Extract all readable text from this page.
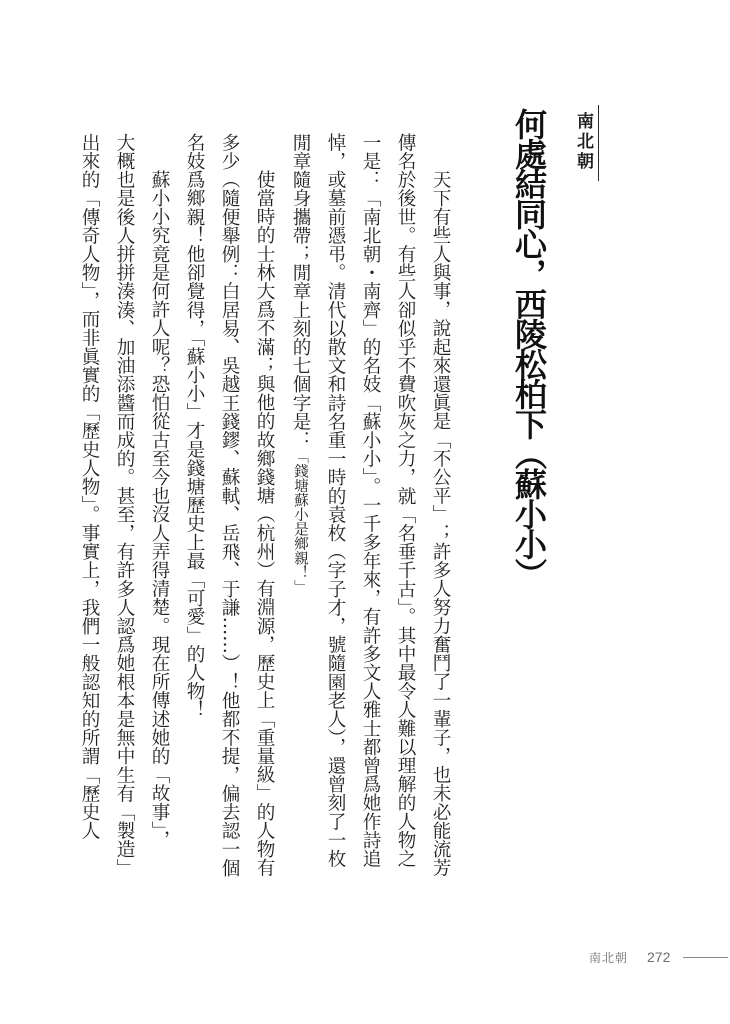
南北朝
何處結同心，西陵松柏下（蘇小小）
天下有些人與事，說起來還眞是「不公平」；許多人努力奮鬥了一輩子，也未必能流芳
傳名於後世。有些人卻似乎不費吹灰之力，就「名垂千古」。其中最令人難以理解的人物之
一是：「南北朝・南齊」的名妓「蘇小小」。一千多年來，有許多文人雅士都曾爲她作詩追
悼，或墓前憑弔。清代以散文和詩名重一時的袁枚（字子才，號隨園老人），還曾刻了一枚
閒章隨身攜帶；閒章上刻的七個字是：「錢塘蘇小是鄉親！」
使當時的士林大爲不滿；與他的故鄉錢塘（杭州）有淵源，歷史上「重量級」的人物有
多少（隨便舉例：白居易、吳越王錢鏐、蘇軾、岳飛、于謙……）！他都不提，偏去認一個
名妓爲鄉親！他卻覺得，「蘇小小」才是錢塘歷史上最「可愛」的人物！
蘇小小究竟是何許人呢？恐怕從古至今也沒人弄得清楚。現在所傳述她的「故事」，
大概也是後人拼拼湊湊、加油添醬而成的。甚至，有許多人認爲她根本是無中生有「製造」
出來的「傳奇人物」，而非眞實的「歷史人物」。事實上，我們一般認知的所謂「歷史人
南北朝 272
